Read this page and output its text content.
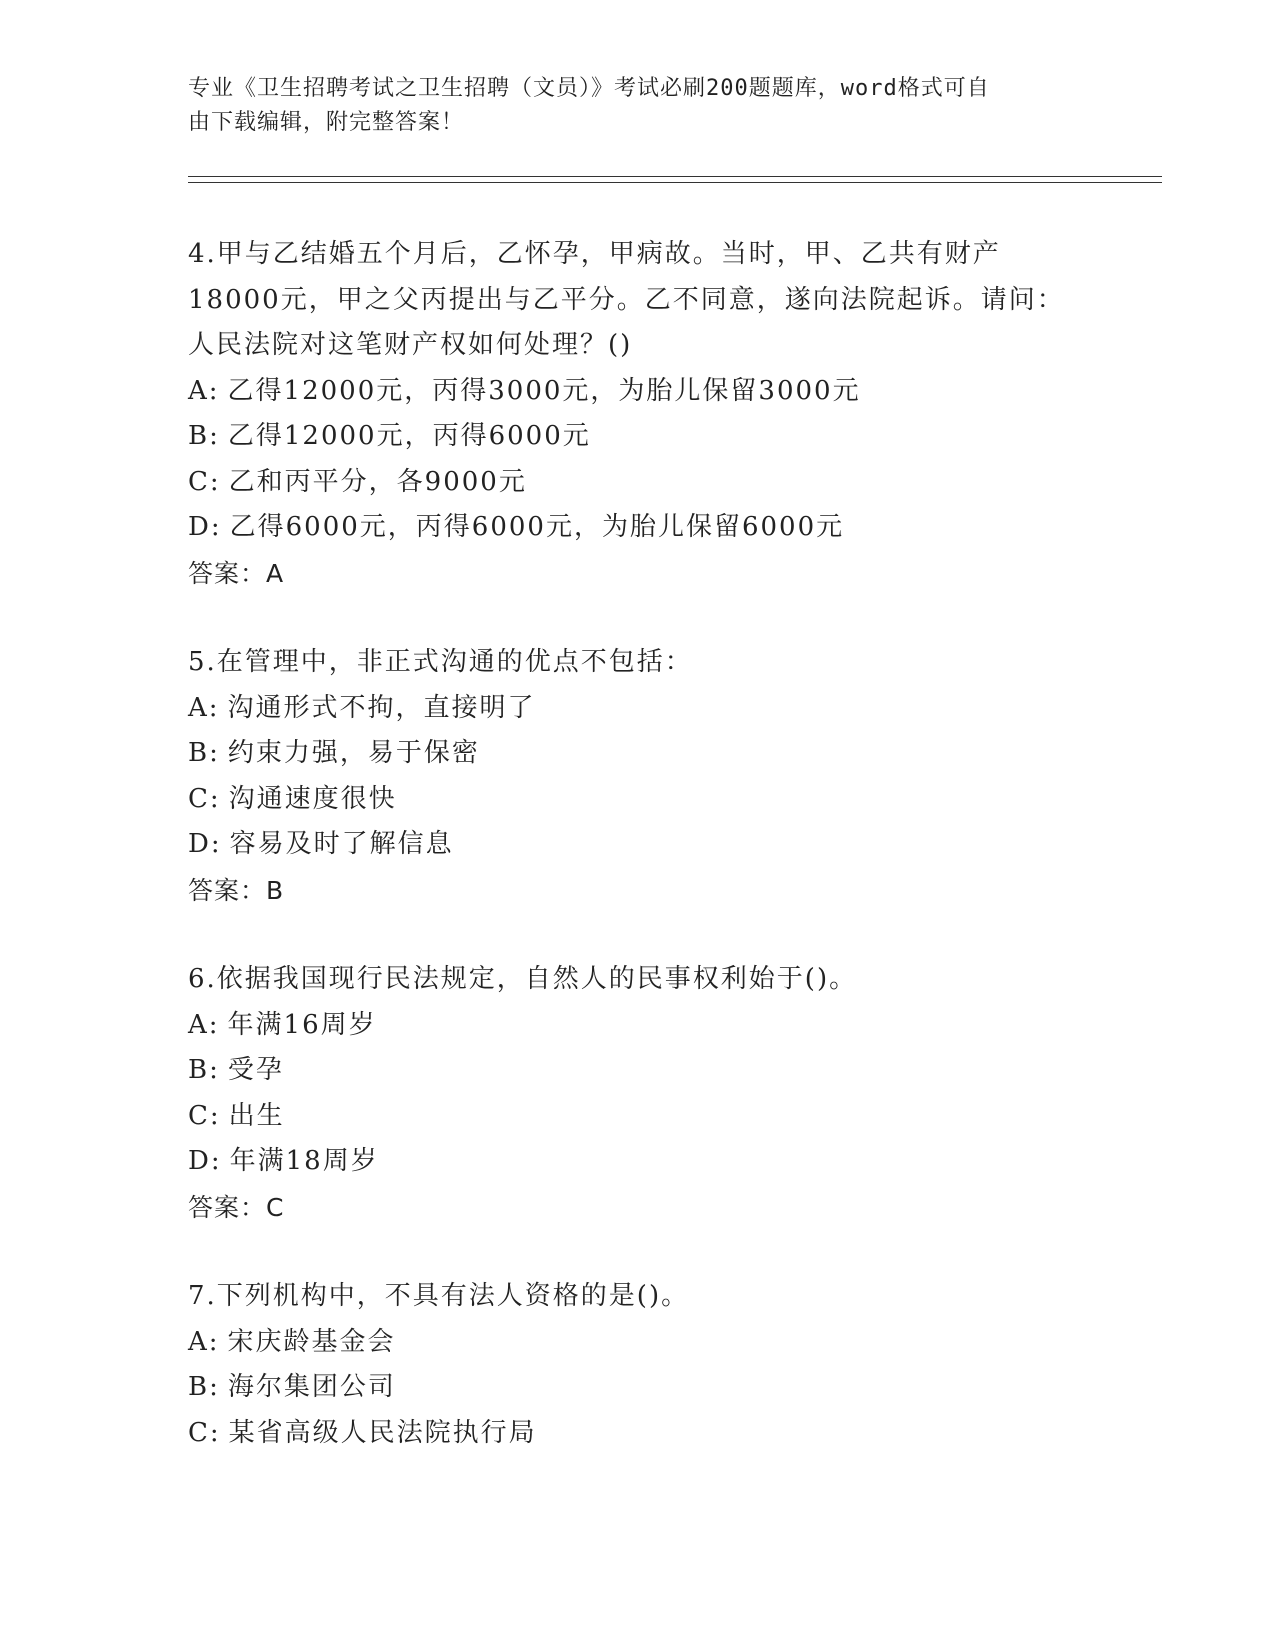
专业《卫生招聘考试之卫生招聘（文员）》考试必刷200题题库，word格式可自
由下载编辑，附完整答案！
4.甲与乙结婚五个月后，乙怀孕，甲病故。当时，甲、乙共有财产
18000元，甲之父丙提出与乙平分。乙不同意，遂向法院起诉。请问：
人民法院对这笔财产权如何处理？()
A: 乙得12000元，丙得3000元，为胎儿保留3000元
B: 乙得12000元，丙得6000元
C: 乙和丙平分，各9000元
D: 乙得6000元，丙得6000元，为胎儿保留6000元
答案：A
5.在管理中，非正式沟通的优点不包括：
A: 沟通形式不拘，直接明了
B: 约束力强，易于保密
C: 沟通速度很快
D: 容易及时了解信息
答案：B
6.依据我国现行民法规定，自然人的民事权利始于()。
A: 年满16周岁
B: 受孕
C: 出生
D: 年满18周岁
答案：C
7.下列机构中，不具有法人资格的是()。
A: 宋庆龄基金会
B: 海尔集团公司
C: 某省高级人民法院执行局
